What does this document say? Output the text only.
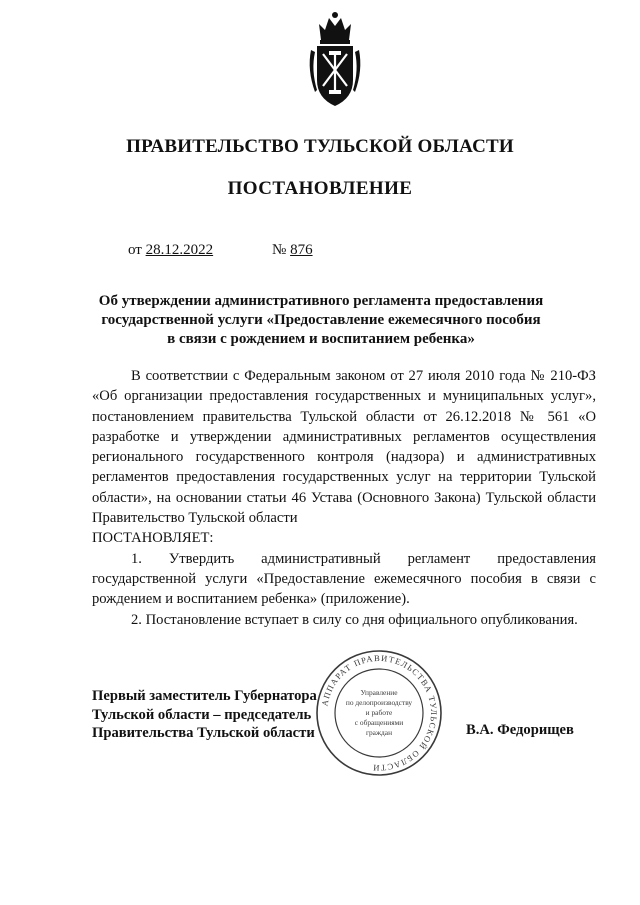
ПРАВИТЕЛЬСТВО ТУЛЬСКОЙ ОБЛАСТИ
ПОСТАНОВЛЕНИЕ
от 28.12.2022	№ 876
Об утверждении административного регламента предоставления
государственной услуги «Предоставление ежемесячного пособия
в связи с рождением и воспитанием ребенка»

В соответствии с Федеральным законом от 27 июля 2010 года № 210-ФЗ «Об организации предоставления государственных и муниципальных услуг», постановлением правительства Тульской области от 26.12.2018 № 561 «О разработке и утверждении административных регламентов осуществления регионального государственного контроля (надзора) и административных регламентов предоставления государственных услуг на территории Тульской области», на основании статьи 46 Устава (Основного Закона) Тульской области Правительство Тульской области

ПОСТАНОВЛЯЕТ:

1. Утвердить административный регламент предоставления государственной услуги «Предоставление ежемесячного пособия в связи с рождением и воспитанием ребенка» (приложение).

2. Постановление вступает в силу со дня официального опубликования.

Первый заместитель Губернатора
Тульской области – председатель
Правительства Тульской области	В.А. Федорищев
АППАРАТ ПРАВИТЕЛЬСТВА ТУЛЬСКОЙ ОБЛАСТИ
Управление
по делопроизводству
и работе
с обращениями
граждан
